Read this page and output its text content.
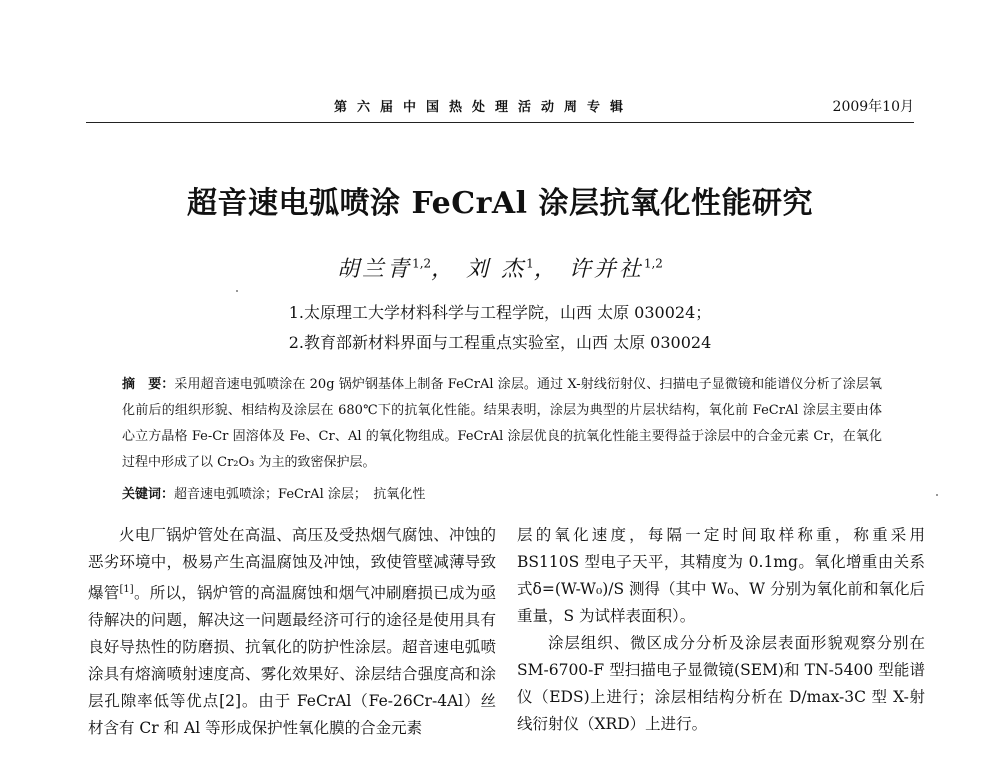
第六届中国热处理活动周专辑	2009年10月
超音速电弧喷涂 FeCrAl 涂层抗氧化性能研究
胡兰青$^{1,2}$， 刘 杰$^1$， 许并社$^{1,2}$
1.太原理工大学材料科学与工程学院，山西 太原 030024；
2.教育部新材料界面与工程重点实验室，山西 太原 030024
摘　要：采用超音速电弧喷涂在 20g 锅炉钢基体上制备 FeCrAl 涂层。通过 X-射线衍射仪、扫描电子显微镜和能谱仪分析了涂层氧化前后的组织形貌、相结构及涂层在 680℃下的抗氧化性能。结果表明，涂层为典型的片层状结构，氧化前 FeCrAl 涂层主要由体心立方晶格 Fe-Cr 固溶体及 Fe、Cr、Al 的氧化物组成。FeCrAl 涂层优良的抗氧化性能主要得益于涂层中的合金元素 Cr，在氧化过程中形成了以 Cr₂O₃ 为主的致密保护层。
关键词：超音速电弧喷涂；FeCrAl 涂层；　抗氧化性

火电厂锅炉管处在高温、高压及受热烟气腐蚀、冲蚀的恶劣环境中，极易产生高温腐蚀及冲蚀，致使管壁减薄导致爆管[1]。所以，锅炉管的高温腐蚀和烟气冲刷磨损已成为亟待解决的问题，解决这一问题最经济可行的途径是使用具有良好导热性的防磨损、抗氧化的防护性涂层。超音速电弧喷涂具有熔滴喷射速度高、雾化效果好、涂层结合强度高和涂层孔隙率低等优点[2]。由于 FeCrAl（Fe-26Cr-4Al）丝材含有 Cr 和 Al 等形成保护性氧化膜的合金元素

层的氧化速度，每隔一定时间取样称重，称重采用 BS110S 型电子天平，其精度为 0.1mg。氧化增重由关系式δ=(W-W₀)/S 测得（其中 W₀、W 分别为氧化前和氧化后重量，S 为试样表面积）。

涂层组织、微区成分分析及涂层表面形貌观察分别在 SM-6700-F 型扫描电子显微镜(SEM)和 TN-5400 型能谱仪（EDS)上进行；涂层相结构分析在 D/max-3C 型 X-射线衍射仪（XRD）上进行。
